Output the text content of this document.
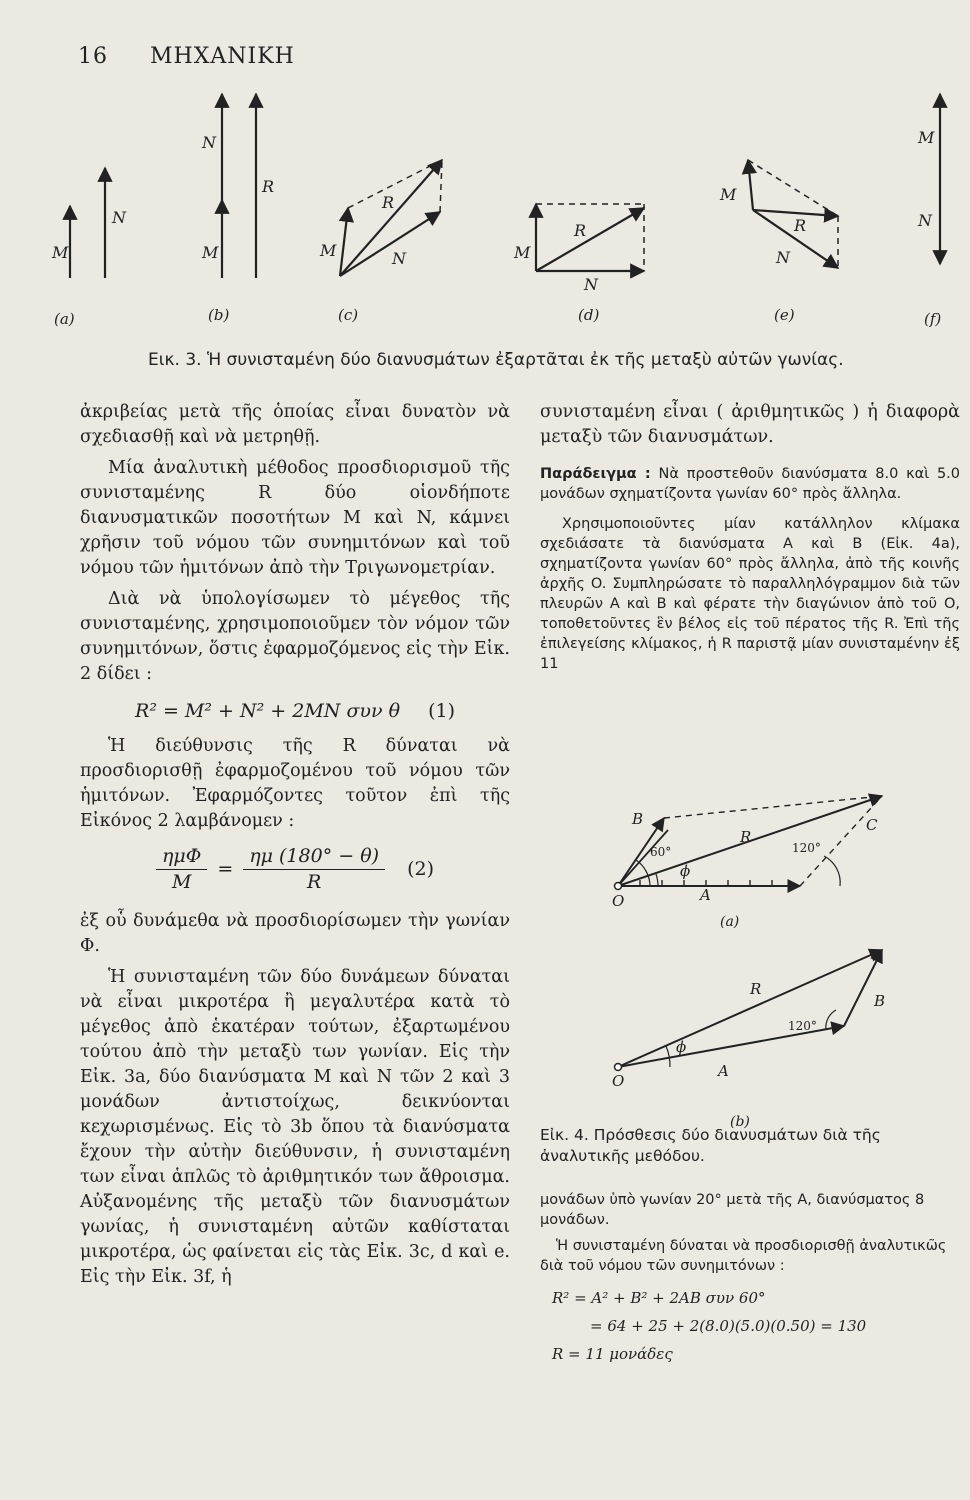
16 ΜΗΧΑΝΙΚΗ
M
N
N
M
R
M	N
R
M
N
R
M
N
R
M
N
(a)	(b)	(c)	(d)	(e)	(f)
Εικ. 3. Ἡ συνισταμένη δύο διανυσμάτων ἐξαρτᾶται ἐκ τῆς μεταξὺ αὐτῶν γωνίας.

ἀκριβείας μετὰ τῆς ὁποίας εἶναι δυνατὸν νὰ σχεδιασθῇ καὶ νὰ μετρηθῇ.

Μία ἀναλυτικὴ μέθοδος προσδιορισμοῦ τῆς συνισταμένης R δύο οἱονδήποτε διανυσματικῶν ποσοτήτων M καὶ N, κάμνει χρῆσιν τοῦ νόμου τῶν συνημιτόνων καὶ τοῦ νόμου τῶν ἡμιτόνων ἀπὸ τὴν Τριγωνομετρίαν.

Διὰ νὰ ὑπολογίσωμεν τὸ μέγεθος τῆς συνισταμένης, χρησιμοποιοῦμεν τὸν νόμον τῶν συνημιτόνων, ὅστις ἐφαρμοζόμενος εἰς τὴν Εἰκ. 2 δίδει :

R² = M² + N² + 2MN συν θ (1)

Ἡ διεύθυνσις τῆς R δύναται νὰ προσδιορισθῇ ἐφαρμοζομένου τοῦ νόμου τῶν ἡμιτόνων. Ἐφαρμόζοντες τοῦτον ἐπὶ τῆς Εἰκόνος 2 λαμβάνομεν :

ημΦ
M
= $\frac{\eta\mu (180^\circ - \theta)}{R} (2)$

ἐξ οὗ δυνάμεθα νὰ προσδιορίσωμεν τὴν γωνίαν Φ.

Ἡ συνισταμένη τῶν δύο δυνάμεων δύναται νὰ εἶναι μικροτέρα ἢ μεγαλυτέρα κατὰ τὸ μέγεθος ἀπὸ ἑκατέραν τούτων, ἐξαρτωμένου τούτου ἀπὸ τὴν μεταξὺ των γωνίαν. Εἰς τὴν Εἰκ. 3a, δύο διανύσματα M καὶ N τῶν 2 καὶ 3 μονάδων ἀντιστοίχως, δεικνύονται κεχωρισμένως. Εἰς τὸ 3b ὅπου τὰ διανύσματα ἔχουν τὴν αὐτὴν διεύθυνσιν, ἡ συνισταμένη των εἶναι ἁπλῶς τὸ ἀριθμητικόν των ἄθροισμα. Αὐξανομένης τῆς μεταξὺ τῶν διανυσμάτων γωνίας, ἡ συνισταμένη αὐτῶν καθίσταται μικροτέρα, ὡς φαίνεται εἰς τὰς Εἰκ. 3c, d καὶ e. Εἰς τὴν Εἰκ. 3f, ἡ

συνισταμένη εἶναι ( ἀριθμητικῶς ) ἡ διαφορὰ μεταξὺ τῶν διανυσμάτων.

Παράδειγμα : Νὰ προστεθοῦν διανύσματα 8.0 καὶ 5.0 μονάδων σχηματίζοντα γωνίαν 60° πρὸς ἄλληλα.

Χρησιμοποιοῦντες μίαν κατάλληλον κλίμακα σχεδιάσατε τὰ διανύσματα A καὶ B (Εἰκ. 4a), σχηματίζοντα γωνίαν 60° πρὸς ἄλληλα, ἀπὸ τῆς κοινῆς ἀρχῆς O. Συμπληρώσατε τὸ παραλληλόγραμμον διὰ τῶν πλευρῶν A καὶ B καὶ φέρατε τὴν διαγώνιον ἀπὸ τοῦ O, τοποθετοῦντες ἓν βέλος εἰς τοῦ πέρατος τῆς R. Ἐπὶ τῆς ἐπιλεγείσης κλίμακος, ἡ R παριστᾷ μίαν συνισταμένην ἐξ 11

O	A
B
R
C
ϕ
(a)
60°	120°
O
A
B
R
ϕ
(b)
120°
Εἰκ. 4. Πρόσθεσις δύο διανυσμάτων διὰ τῆς ἀναλυτικῆς μεθόδου.

μονάδων ὑπὸ γωνίαν 20° μετὰ τῆς A, διανύσματος 8 μονάδων.

Ἡ συνισταμένη δύναται νὰ προσδιορισθῇ ἀναλυτικῶς διὰ τοῦ νόμου τῶν συνημιτόνων :

R² = A² + B² + 2AB συν 60°
= 64 + 25 + 2(8.0)(5.0)(0.50) = 130
R = 11 μονάδες
